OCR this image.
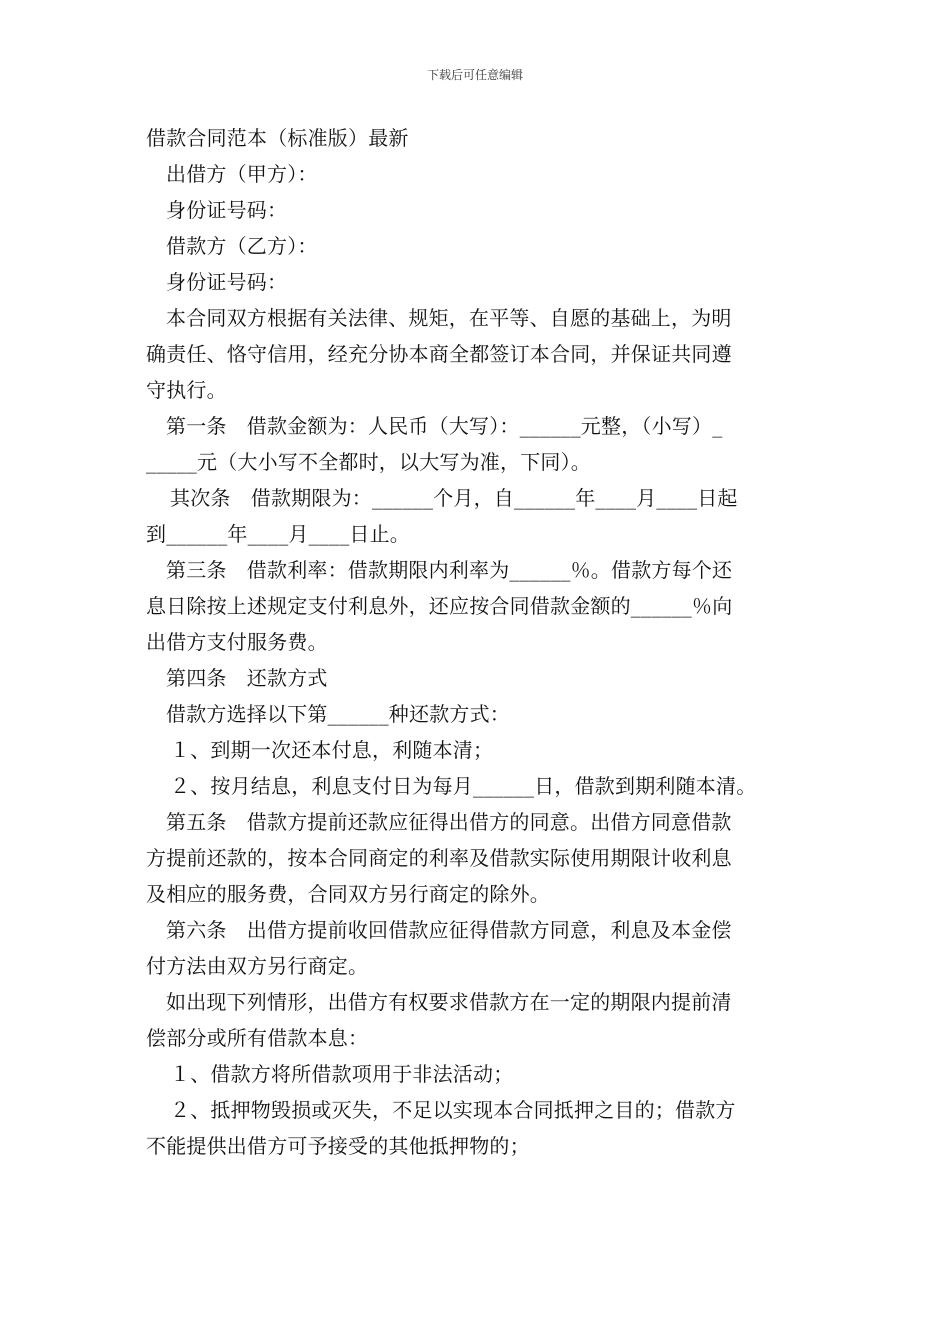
下载后可任意编辑
借款合同范本（标准版）最新
出借方（甲方）：
身份证号码：
借款方（乙方）：
身份证号码：
本合同双方根据有关法律、规矩，在平等、自愿的基础上，为明
确责任、恪守信用，经充分协本商全都签订本合同，并保证共同遵
守执行。
第一条　借款金额为：人民币（大写）：______元整，（小写）_
_____元（大小写不全都时，以大写为准，下同）。
其次条　借款期限为：______个月，自______年____月____日起
到______年____月____日止。
第三条　借款利率：借款期限内利率为______％。借款方每个还
息日除按上述规定支付利息外，还应按合同借款金额的______％向
出借方支付服务费。
第四条　还款方式
借款方选择以下第______种还款方式：
１、到期一次还本付息，利随本清；
２、按月结息，利息支付日为每月______日，借款到期利随本清。
第五条　借款方提前还款应征得出借方的同意。出借方同意借款
方提前还款的，按本合同商定的利率及借款实际使用期限计收利息
及相应的服务费，合同双方另行商定的除外。
第六条　出借方提前收回借款应征得借款方同意，利息及本金偿
付方法由双方另行商定。
如出现下列情形，出借方有权要求借款方在一定的期限内提前清
偿部分或所有借款本息：
１、借款方将所借款项用于非法活动；
２、抵押物毁损或灭失，不足以实现本合同抵押之目的；借款方
不能提供出借方可予接受的其他抵押物的；
